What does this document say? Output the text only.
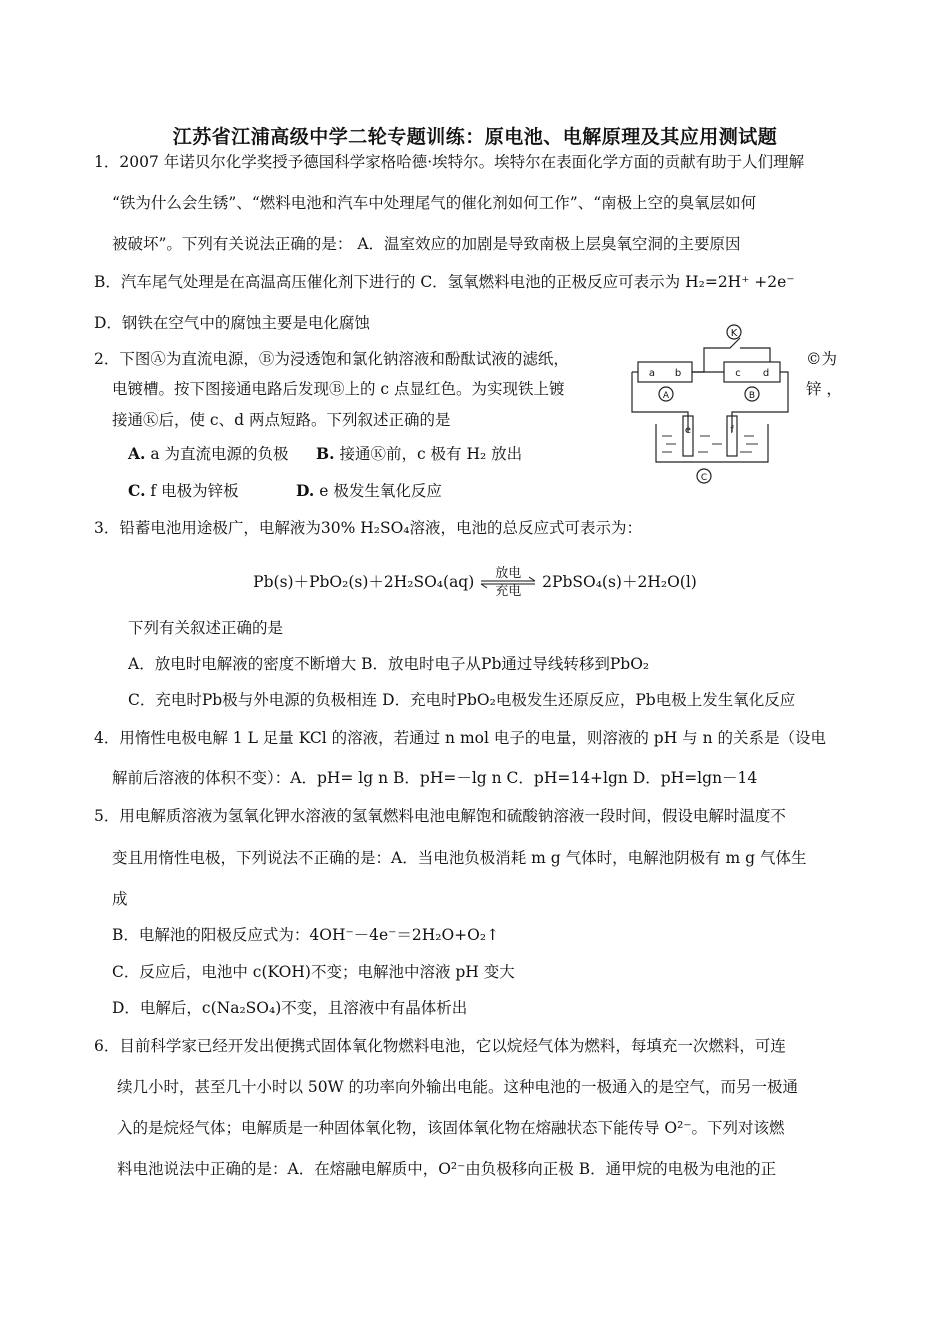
江苏省江浦高级中学二轮专题训练：原电池、电解原理及其应用测试题
1．2007 年诺贝尔化学奖授予德国科学家格哈德·埃特尔。埃特尔在表面化学方面的贡献有助于人们理解
“铁为什么会生锈”、“燃料电池和汽车中处理尾气的催化剂如何工作”、“南极上空的臭氧层如何
被破坏”。下列有关说法正确的是： A．温室效应的加剧是导致南极上层臭氧空洞的主要原因
B．汽车尾气处理是在高温高压催化剂下进行的 C．氢氧燃料电池的正极反应可表示为 H₂=2H⁺ +2e⁻
D．钢铁在空气中的腐蚀主要是电化腐蚀
2．下图Ⓐ为直流电源，Ⓑ为浸透饱和氯化钠溶液和酚酞试液的滤纸，	©为
电镀槽。按下图接通电路后发现Ⓑ上的 c 点显红色。为实现铁上镀	锌 ，
接通Ⓚ后，使 c、d 两点短路。下列叙述正确的是
A. a 为直流电源的负极 B. 接通Ⓚ前，c 极有 H₂ 放出
C. f 电极为锌板	D. e 极发生氧化反应
K
a b	c d
A	B
e	f
C
3．铅蓄电池用途极广，电解液为30% H₂SO₄溶液，电池的总反应式可表示为：
Pb(s)＋PbO₂(s)＋2H₂SO₄(aq)	放电
充电
2PbSO₄(s)＋2H₂O(l)
下列有关叙述正确的是
A．放电时电解液的密度不断增大 B．放电时电子从Pb通过导线转移到PbO₂
C．充电时Pb极与外电源的负极相连 D．充电时PbO₂电极发生还原反应，Pb电极上发生氧化反应
4．用惰性电极电解 1 L 足量 KCl 的溶液，若通过 n mol 电子的电量，则溶液的 pH 与 n 的关系是（设电
解前后溶液的体积不变）：A．pH= lg n B．pH=－lg n C．pH=14+lgn D．pH=lgn－14
5．用电解质溶液为氢氧化钾水溶液的氢氧燃料电池电解饱和硫酸钠溶液一段时间，假设电解时温度不
变且用惰性电极，下列说法不正确的是：A．当电池负极消耗 m g 气体时，电解池阴极有 m g 气体生
成
B．电解池的阳极反应式为：4OH⁻－4e⁻＝2H₂O+O₂↑
C．反应后，电池中 c(KOH)不变；电解池中溶液 pH 变大
D．电解后，c(Na₂SO₄)不变，且溶液中有晶体析出
6．目前科学家已经开发出便携式固体氧化物燃料电池，它以烷烃气体为燃料，每填充一次燃料，可连
续几小时，甚至几十小时以 50W 的功率向外输出电能。这种电池的一极通入的是空气，而另一极通
入的是烷烃气体；电解质是一种固体氧化物，该固体氧化物在熔融状态下能传导 O²⁻。下列对该燃
料电池说法中正确的是：A．在熔融电解质中，O²⁻由负极移向正极 B．通甲烷的电极为电池的正
